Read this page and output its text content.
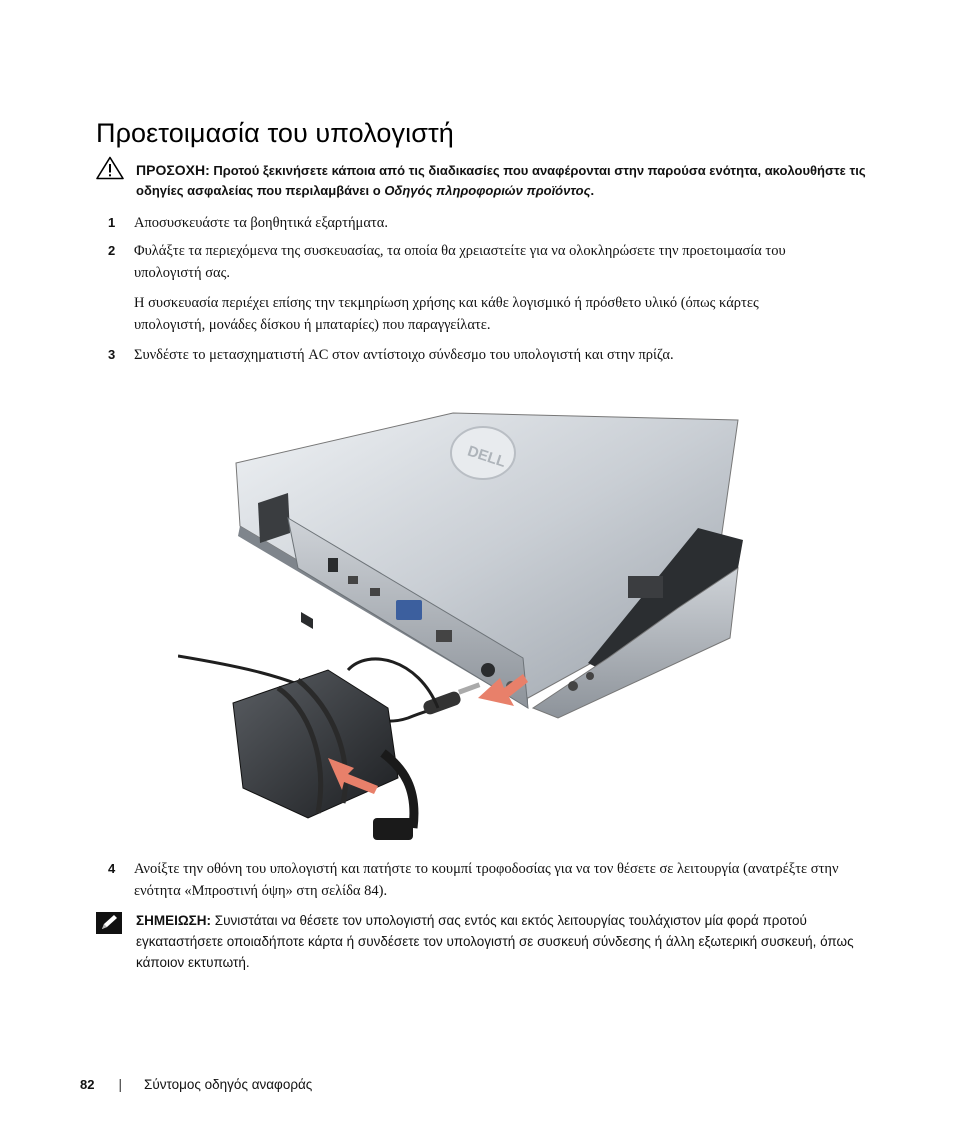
Προετοιμασία του υπολογιστή

ΠΡΟΣΟΧΗ: Προτού ξεκινήσετε κάποια από τις διαδικασίες που αναφέρονται στην παρούσα ενότητα, ακολουθήστε τις οδηγίες ασφαλείας που περιλαμβάνει ο Οδηγός πληροφοριών προϊόντος.

1 Αποσυσκευάστε τα βοηθητικά εξαρτήματα.
2 Φυλάξτε τα περιεχόμενα της συσκευασίας, τα οποία θα χρειαστείτε για να ολοκληρώσετε την προετοιμασία του υπολογιστή σας.

Η συσκευασία περιέχει επίσης την τεκμηρίωση χρήσης και κάθε λογισμικό ή πρόσθετο υλικό (όπως κάρτες υπολογιστή, μονάδες δίσκου ή μπαταρίες) που παραγγείλατε.

3 Συνδέστε το μετασχηματιστή AC στον αντίστοιχο σύνδεσμο του υπολογιστή και στην πρίζα.
DELL
4 Ανοίξτε την οθόνη του υπολογιστή και πατήστε το κουμπί τροφοδοσίας για να τον θέσετε σε λειτουργία (ανατρέξτε στην ενότητα «Μπροστινή όψη» στη σελίδα 84).

ΣΗΜΕΙΩΣΗ: Συνιστάται να θέσετε τον υπολογιστή σας εντός και εκτός λειτουργίας τουλάχιστον μία φορά προτού εγκαταστήσετε οποιαδήποτε κάρτα ή συνδέσετε τον υπολογιστή σε συσκευή σύνδεσης ή άλλη εξωτερική συσκευή, όπως κάποιον εκτυπωτή.

82 | Σύντομος οδηγός αναφοράς
